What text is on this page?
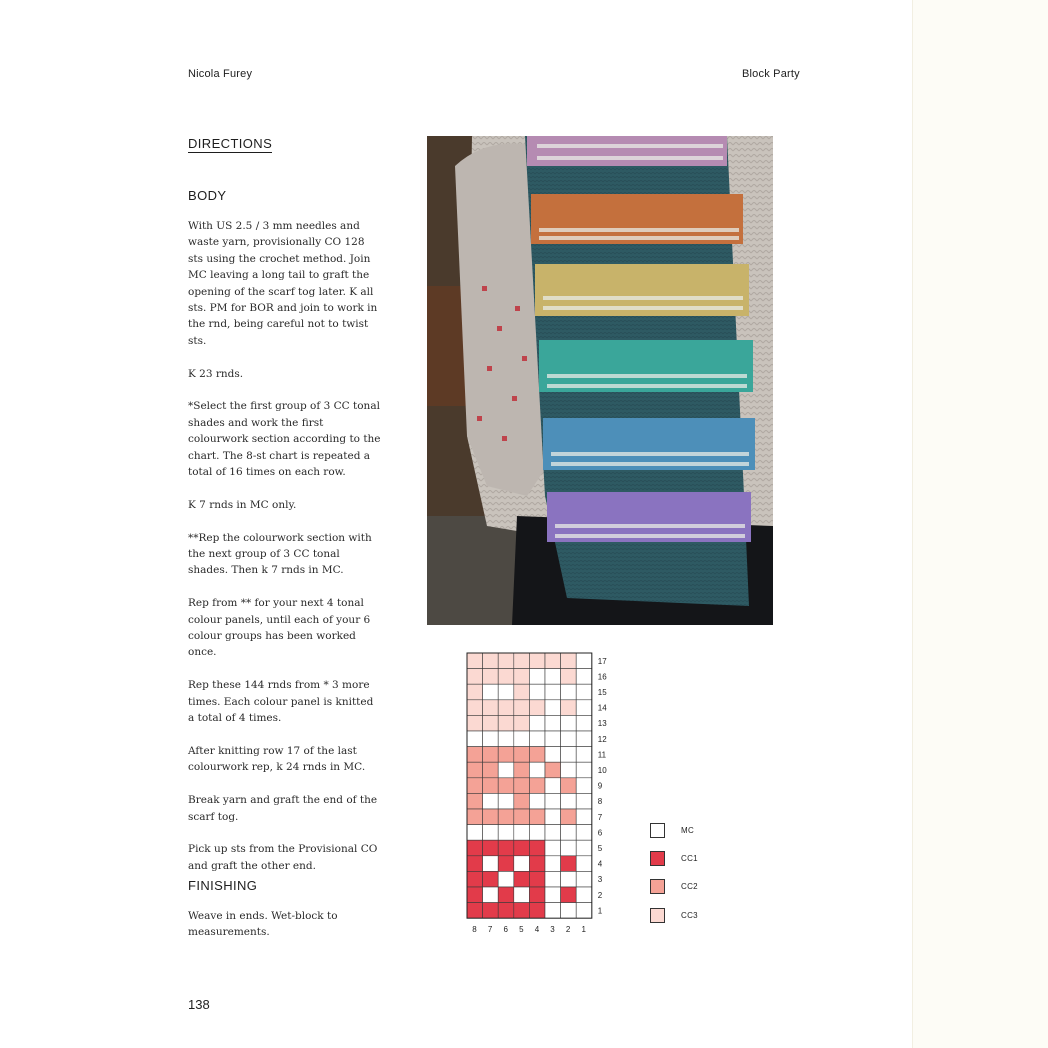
Nicola Furey	Block Party
DIRECTIONS
BODY

With US 2.5 / 3 mm needles and waste yarn, provisionally CO 128 sts using the crochet method. Join MC leaving a long tail to graft the opening of the scarf tog later. K all sts. PM for BOR and join to work in the rnd, being careful not to twist sts.

K 23 rnds.

*Select the first group of 3 CC tonal shades and work the first colourwork section according to the chart. The 8-st chart is repeated a total of 16 times on each row.

K 7 rnds in MC only.

**Rep the colourwork section with the next group of 3 CC tonal shades. Then k 7 rnds in MC.

Rep from ** for your next 4 tonal colour panels, until each of your 6 colour groups has been worked once.

Rep these 144 rnds from * 3 more times. Each colour panel is knitted a total of 4 times.

After knitting row 17 of the last colourwork rep, k 24 rnds in MC.

Break yarn and graft the end of the scarf tog.

Pick up sts from the Provisional CO and graft the other end.

FINISHING
Weave in ends. Wet-block to measurements.
17
16
15
14
13
12
11
10
9
8
7
6
5
4
3
2
1
8 7 6 5 4 3 2 1
MC
CC1
CC2
CC3
138
